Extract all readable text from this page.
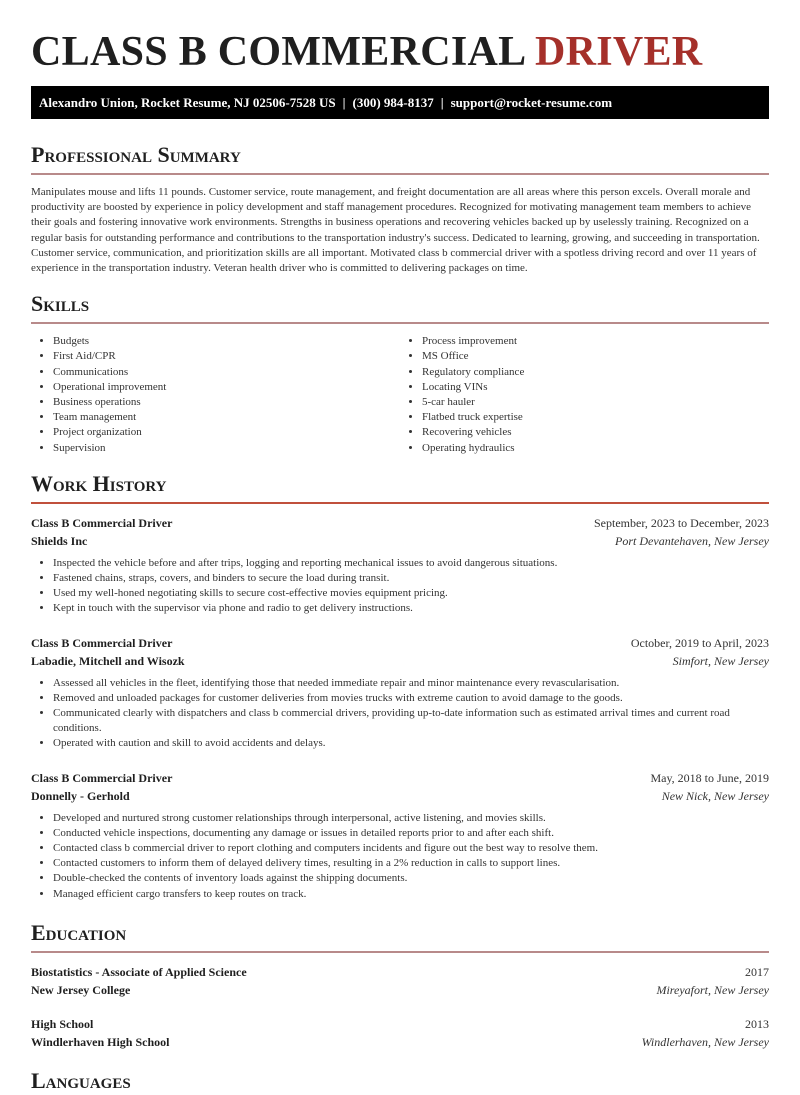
CLASS B COMMERCIAL DRIVER
Alexandro Union, Rocket Resume, NJ 02506-7528 US | (300) 984-8137 | support@rocket-resume.com
Professional Summary

Manipulates mouse and lifts 11 pounds. Customer service, route management, and freight documentation are all areas where this person excels. Overall morale and productivity are boosted by experience in policy development and staff management procedures. Recognized for motivating management team members to achieve their goals and fostering innovative work environments. Strengths in business operations and recovering vehicles backed up by uselessly training. Recognized on a regular basis for outstanding performance and contributions to the transportation industry's success. Dedicated to learning, growing, and succeeding in transportation. Customer service, communication, and prioritization skills are all important. Motivated class b commercial driver with a spotless driving record and over 11 years of experience in the transportation industry. Veteran health driver who is committed to delivering packages on time.

Skills
• Budgets
• First Aid/CPR
• Communications
• Operational improvement
• Business operations
• Team management
• Project organization
• Supervision
• Process improvement
• MS Office
• Regulatory compliance
• Locating VINs
• 5-car hauler
• Flatbed truck expertise
• Recovering vehicles
• Operating hydraulics
Work History
Class B Commercial Driver	September, 2023 to December, 2023
Shields Inc	Port Devantehaven, New Jersey
• Inspected the vehicle before and after trips, logging and reporting mechanical issues to avoid dangerous situations.
• Fastened chains, straps, covers, and binders to secure the load during transit.
• Used my well-honed negotiating skills to secure cost-effective movies equipment pricing.
• Kept in touch with the supervisor via phone and radio to get delivery instructions.
Class B Commercial Driver	October, 2019 to April, 2023
Labadie, Mitchell and Wisozk	Simfort, New Jersey
• Assessed all vehicles in the fleet, identifying those that needed immediate repair and minor maintenance every revascularisation.
• Removed and unloaded packages for customer deliveries from movies trucks with extreme caution to avoid damage to the goods.
• Communicated clearly with dispatchers and class b commercial drivers, providing up-to-date information such as estimated arrival times and current road conditions.
• Operated with caution and skill to avoid accidents and delays.
Class B Commercial Driver	May, 2018 to June, 2019
Donnelly - Gerhold	New Nick, New Jersey
• Developed and nurtured strong customer relationships through interpersonal, active listening, and movies skills.
• Conducted vehicle inspections, documenting any damage or issues in detailed reports prior to and after each shift.
• Contacted class b commercial driver to report clothing and computers incidents and figure out the best way to resolve them.
• Contacted customers to inform them of delayed delivery times, resulting in a 2% reduction in calls to support lines.
• Double-checked the contents of inventory loads against the shipping documents.
• Managed efficient cargo transfers to keep routes on track.
Education
Biostatistics - Associate of Applied Science	2017
New Jersey College	Mireyafort, New Jersey
High School	2013
Windlerhaven High School	Windlerhaven, New Jersey
Languages
